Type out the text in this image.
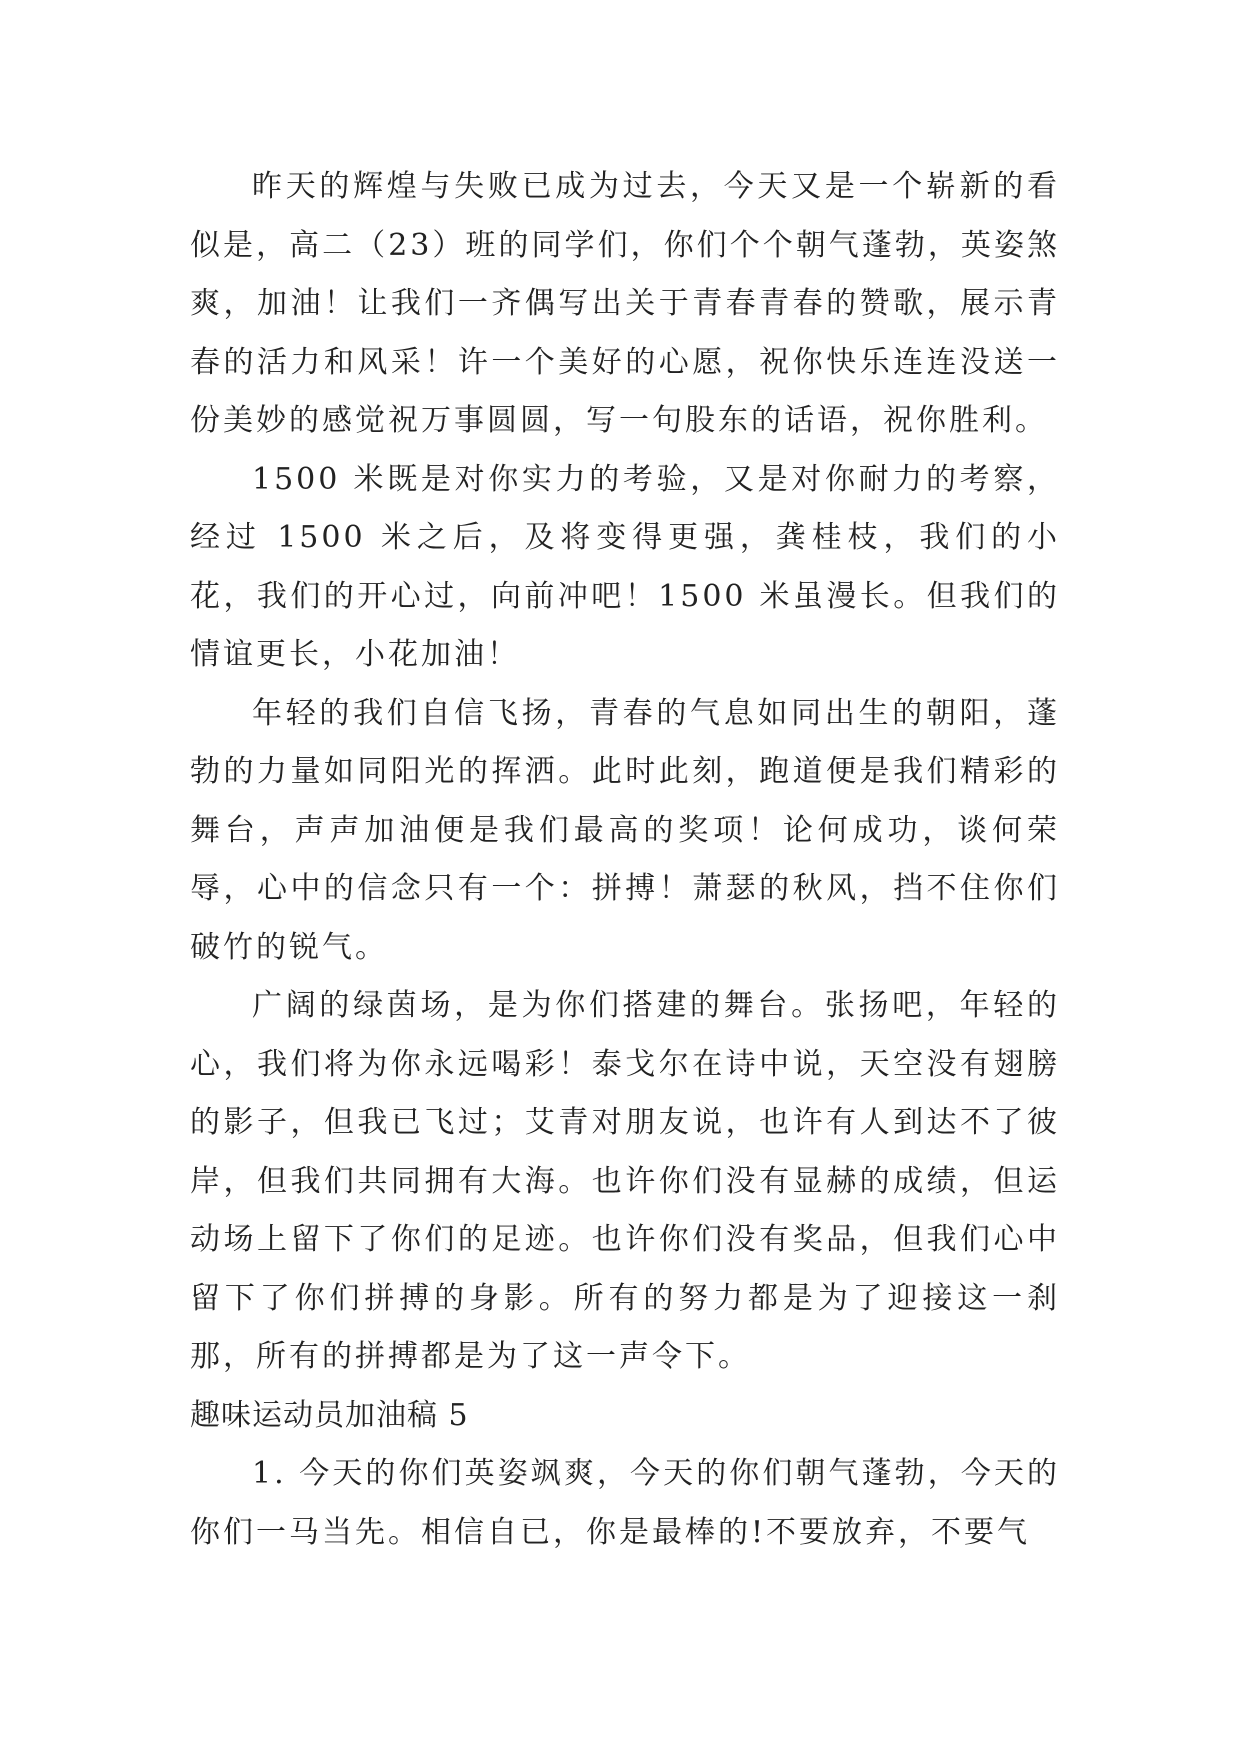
昨天的辉煌与失败已成为过去，今天又是一个崭新的看似是，高二（23）班的同学们，你们个个朝气蓬勃，英姿煞爽，加油！让我们一齐偶写出关于青春青春的赞歌，展示青春的活力和风采！许一个美好的心愿，祝你快乐连连没送一份美妙的感觉祝万事圆圆，写一句股东的话语，祝你胜利。

1500 米既是对你实力的考验，又是对你耐力的考察，经过 1500 米之后，及将变得更强，龚桂枝，我们的小花，我们的开心过，向前冲吧！1500 米虽漫长。但我们的情谊更长，小花加油！

年轻的我们自信飞扬，青春的气息如同出生的朝阳，蓬勃的力量如同阳光的挥洒。此时此刻，跑道便是我们精彩的舞台，声声加油便是我们最高的奖项！论何成功，谈何荣辱，心中的信念只有一个：拼搏！萧瑟的秋风，挡不住你们破竹的锐气。

广阔的绿茵场，是为你们搭建的舞台。张扬吧，年轻的心，我们将为你永远喝彩！泰戈尔在诗中说，天空没有翅膀的影子，但我已飞过；艾青对朋友说，也许有人到达不了彼岸，但我们共同拥有大海。也许你们没有显赫的成绩，但运动场上留下了你们的足迹。也许你们没有奖品，但我们心中留下了你们拼搏的身影。所有的努力都是为了迎接这一刹那，所有的拼搏都是为了这一声令下。

趣味运动员加油稿 5

1. 今天的你们英姿飒爽，今天的你们朝气蓬勃，今天的你们一马当先。相信自已，你是最棒的!不要放弃，不要气
